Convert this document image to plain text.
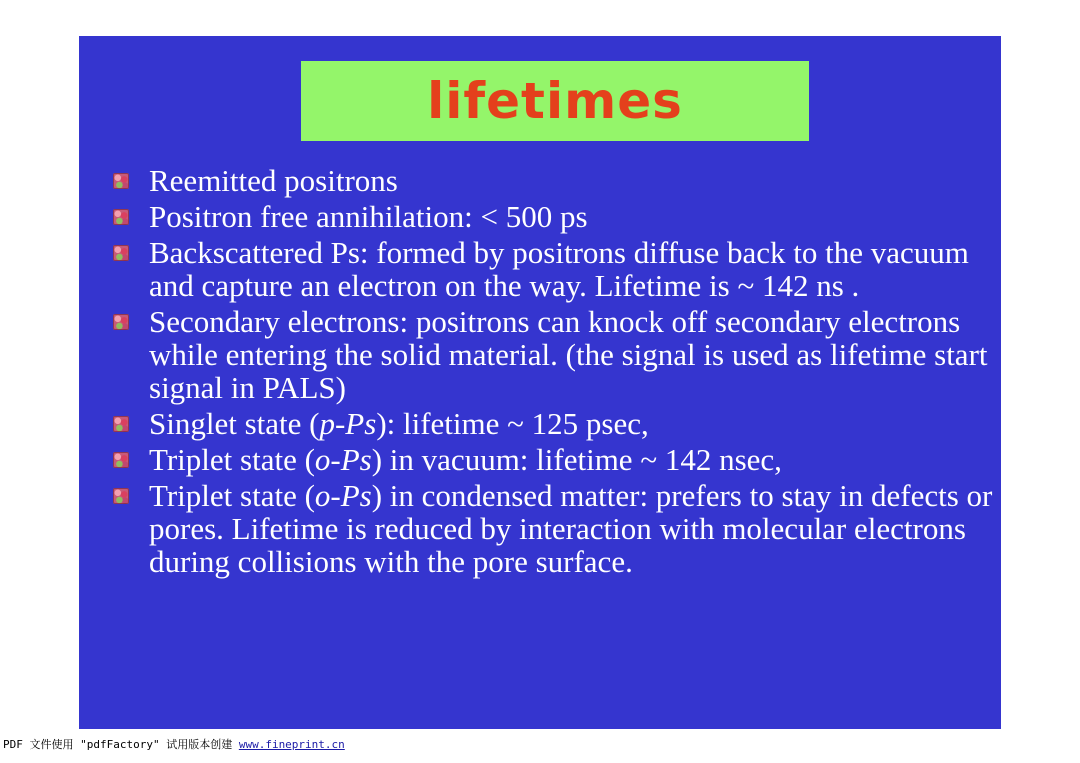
lifetimes
Reemitted positrons
Positron free annihilation: < 500 ps
Backscattered Ps: formed by positrons diffuse back to the vacuum and capture an electron on the way. Lifetime is ~ 142 ns .
Secondary electrons: positrons can knock off secondary electrons while entering the solid material. (the signal is used as lifetime start signal in PALS)
Singlet state (p-Ps): lifetime ~ 125 psec,
Triplet state (o-Ps) in vacuum: lifetime ~ 142 nsec,
Triplet state (o-Ps) in condensed matter: prefers to stay in defects or pores. Lifetime is reduced by interaction with molecular electrons during collisions with the pore surface.
PDF 文件使用 "pdfFactory" 试用版本创建 www.fineprint.cn
